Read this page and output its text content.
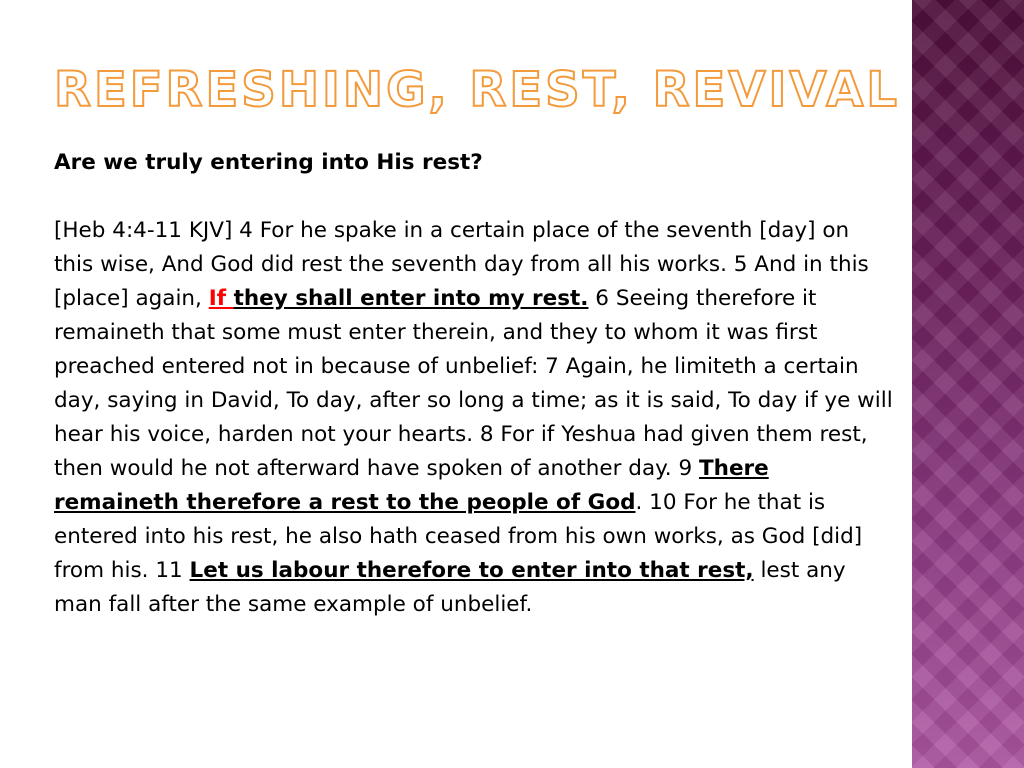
REFRESHING, REST, REVIVAL

Are we truly entering into His rest?

[Heb 4:4-11 KJV] 4 For he spake in a certain place of the seventh [day] on this wise, And God did rest the seventh day from all his works. 5 And in this [place] again, If they shall enter into my rest. 6 Seeing therefore it remaineth that some must enter therein, and they to whom it was first preached entered not in because of unbelief: 7 Again, he limiteth a certain day, saying in David, To day, after so long a time; as it is said, To day if ye will hear his voice, harden not your hearts. 8 For if Yeshua had given them rest, then would he not afterward have spoken of another day. 9 There remaineth therefore a rest to the people of God. 10 For he that is entered into his rest, he also hath ceased from his own works, as God [did] from his. 11 Let us labour therefore to enter into that rest, lest any man fall after the same example of unbelief.
